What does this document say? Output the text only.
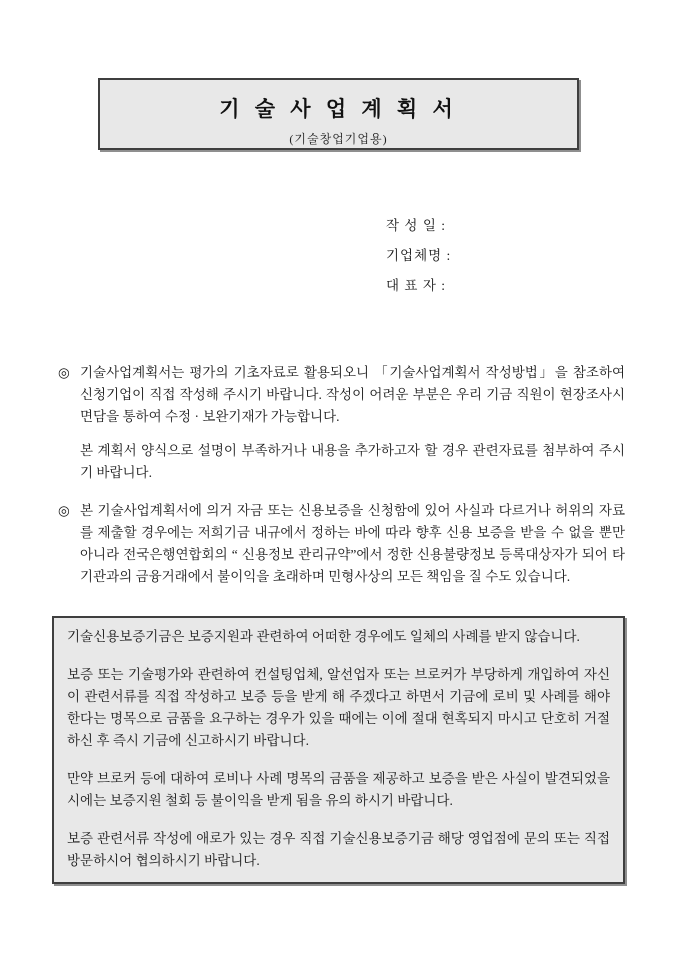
기 술 사 업 계 획 서
(기술창업기업용)
작 성 일 :
기업체명 :
대 표 자 :
◎ 기술사업계획서는 평가의 기초자료로 활용되오니 「기술사업계획서 작성방법」을 참조하여 신청기업이 직접 작성해 주시기 바랍니다. 작성이 어려운 부분은 우리 기금 직원이 현장조사시 면담을 통하여 수정 · 보완기재가 가능합니다.

본 계획서 양식으로 설명이 부족하거나 내용을 추가하고자 할 경우 관련자료를 첨부하여 주시기 바랍니다.

◎ 본 기술사업계획서에 의거 자금 또는 신용보증을 신청함에 있어 사실과 다르거나 허위의 자료를 제출할 경우에는 저희기금 내규에서 정하는 바에 따라 향후 신용 보증을 받을 수 없을 뿐만 아니라 전국은행연합회의 “ 신용정보 관리규약”에서 정한 신용불량정보 등록대상자가 되어 타 기관과의 금융거래에서 불이익을 초래하며 민형사상의 모든 책임을 질 수도 있습니다.

기술신용보증기금은 보증지원과 관련하여 어떠한 경우에도 일체의 사례를 받지 않습니다.

보증 또는 기술평가와 관련하여 컨설팅업체, 알선업자 또는 브로커가 부당하게 개입하여 자신이 관련서류를 직접 작성하고 보증 등을 받게 해 주겠다고 하면서 기금에 로비 및 사례를 해야 한다는 명목으로 금품을 요구하는 경우가 있을 때에는 이에 절대 현혹되지 마시고 단호히 거절하신 후 즉시 기금에 신고하시기 바랍니다.

만약 브로커 등에 대하여 로비나 사례 명목의 금품을 제공하고 보증을 받은 사실이 발견되었을 시에는 보증지원 철회 등 불이익을 받게 됨을 유의 하시기 바랍니다.

보증 관련서류 작성에 애로가 있는 경우 직접 기술신용보증기금 해당 영업점에 문의 또는 직접 방문하시어 협의하시기 바랍니다.
